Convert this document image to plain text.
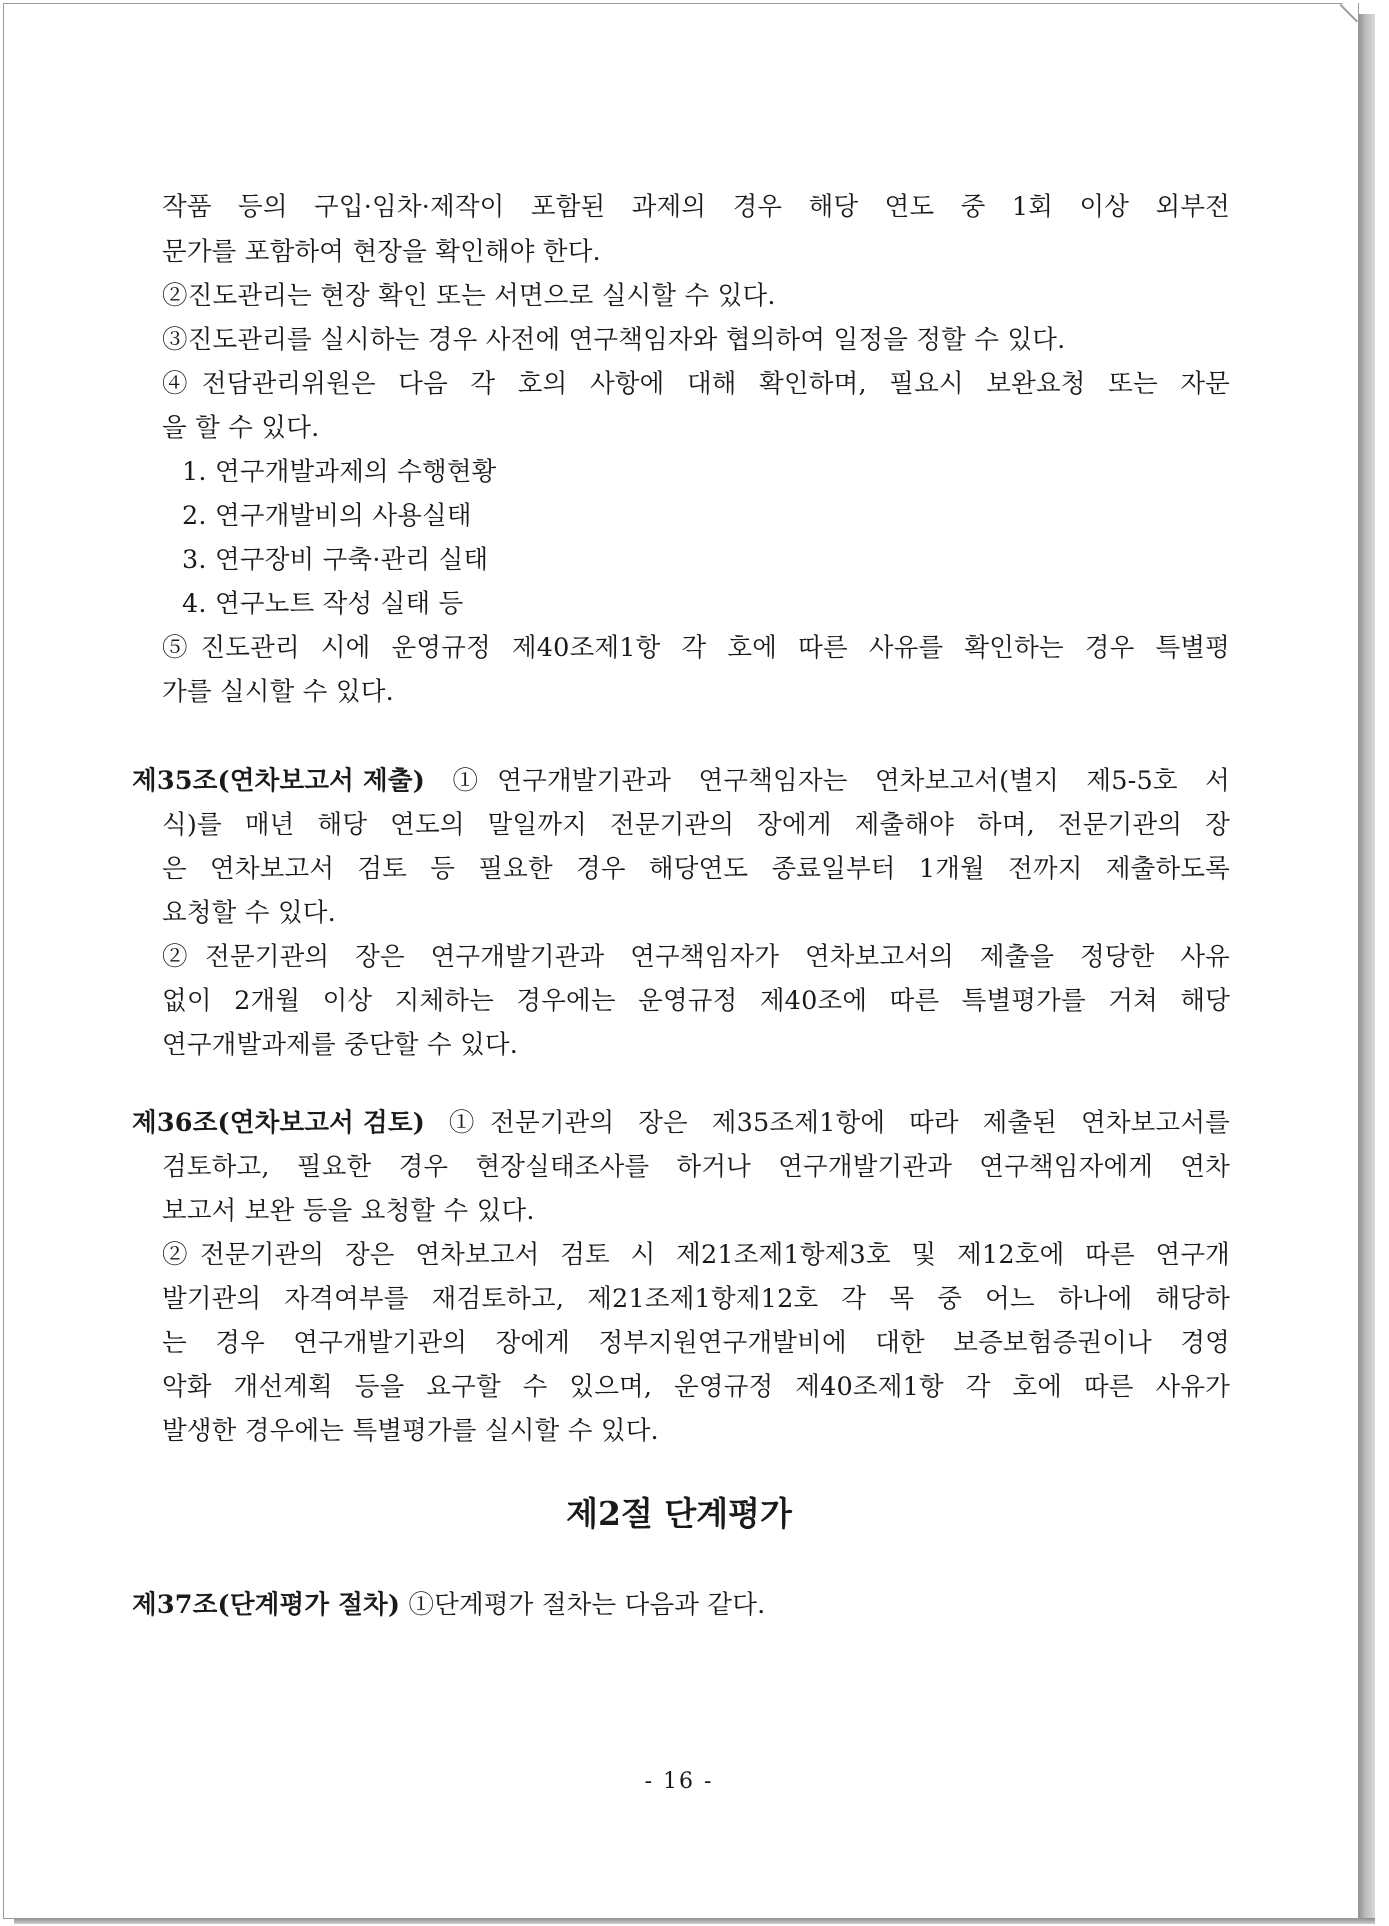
작품 등의 구입·임차·제작이 포함된 과제의 경우 해당 연도 중 1회 이상 외부전
문가를 포함하여 현장을 확인해야 한다.
②진도관리는 현장 확인 또는 서면으로 실시할 수 있다.
③진도관리를 실시하는 경우 사전에 연구책임자와 협의하여 일정을 정할 수 있다.
④전담관리위원은 다음 각 호의 사항에 대해 확인하며, 필요시 보완요청 또는 자문
을 할 수 있다.
1. 연구개발과제의 수행현황
2. 연구개발비의 사용실태
3. 연구장비 구축·관리 실태
4. 연구노트 작성 실태 등
⑤진도관리 시에 운영규정 제40조제1항 각 호에 따른 사유를 확인하는 경우 특별평
가를 실시할 수 있다.
제35조(연차보고서 제출) ①연구개발기관과 연구책임자는 연차보고서(별지 제5-5호 서
식)를 매년 해당 연도의 말일까지 전문기관의 장에게 제출해야 하며, 전문기관의 장
은 연차보고서 검토 등 필요한 경우 해당연도 종료일부터 1개월 전까지 제출하도록
요청할 수 있다.
②전문기관의 장은 연구개발기관과 연구책임자가 연차보고서의 제출을 정당한 사유
없이 2개월 이상 지체하는 경우에는 운영규정 제40조에 따른 특별평가를 거쳐 해당
연구개발과제를 중단할 수 있다.
제36조(연차보고서 검토) ①전문기관의 장은 제35조제1항에 따라 제출된 연차보고서를
검토하고, 필요한 경우 현장실태조사를 하거나 연구개발기관과 연구책임자에게 연차
보고서 보완 등을 요청할 수 있다.
②전문기관의 장은 연차보고서 검토 시 제21조제1항제3호 및 제12호에 따른 연구개
발기관의 자격여부를 재검토하고, 제21조제1항제12호 각 목 중 어느 하나에 해당하
는 경우 연구개발기관의 장에게 정부지원연구개발비에 대한 보증보험증권이나 경영
악화 개선계획 등을 요구할 수 있으며, 운영규정 제40조제1항 각 호에 따른 사유가
발생한 경우에는 특별평가를 실시할 수 있다.
제2절 단계평가
제37조(단계평가 절차) ①단계평가 절차는 다음과 같다.
- 16 -
